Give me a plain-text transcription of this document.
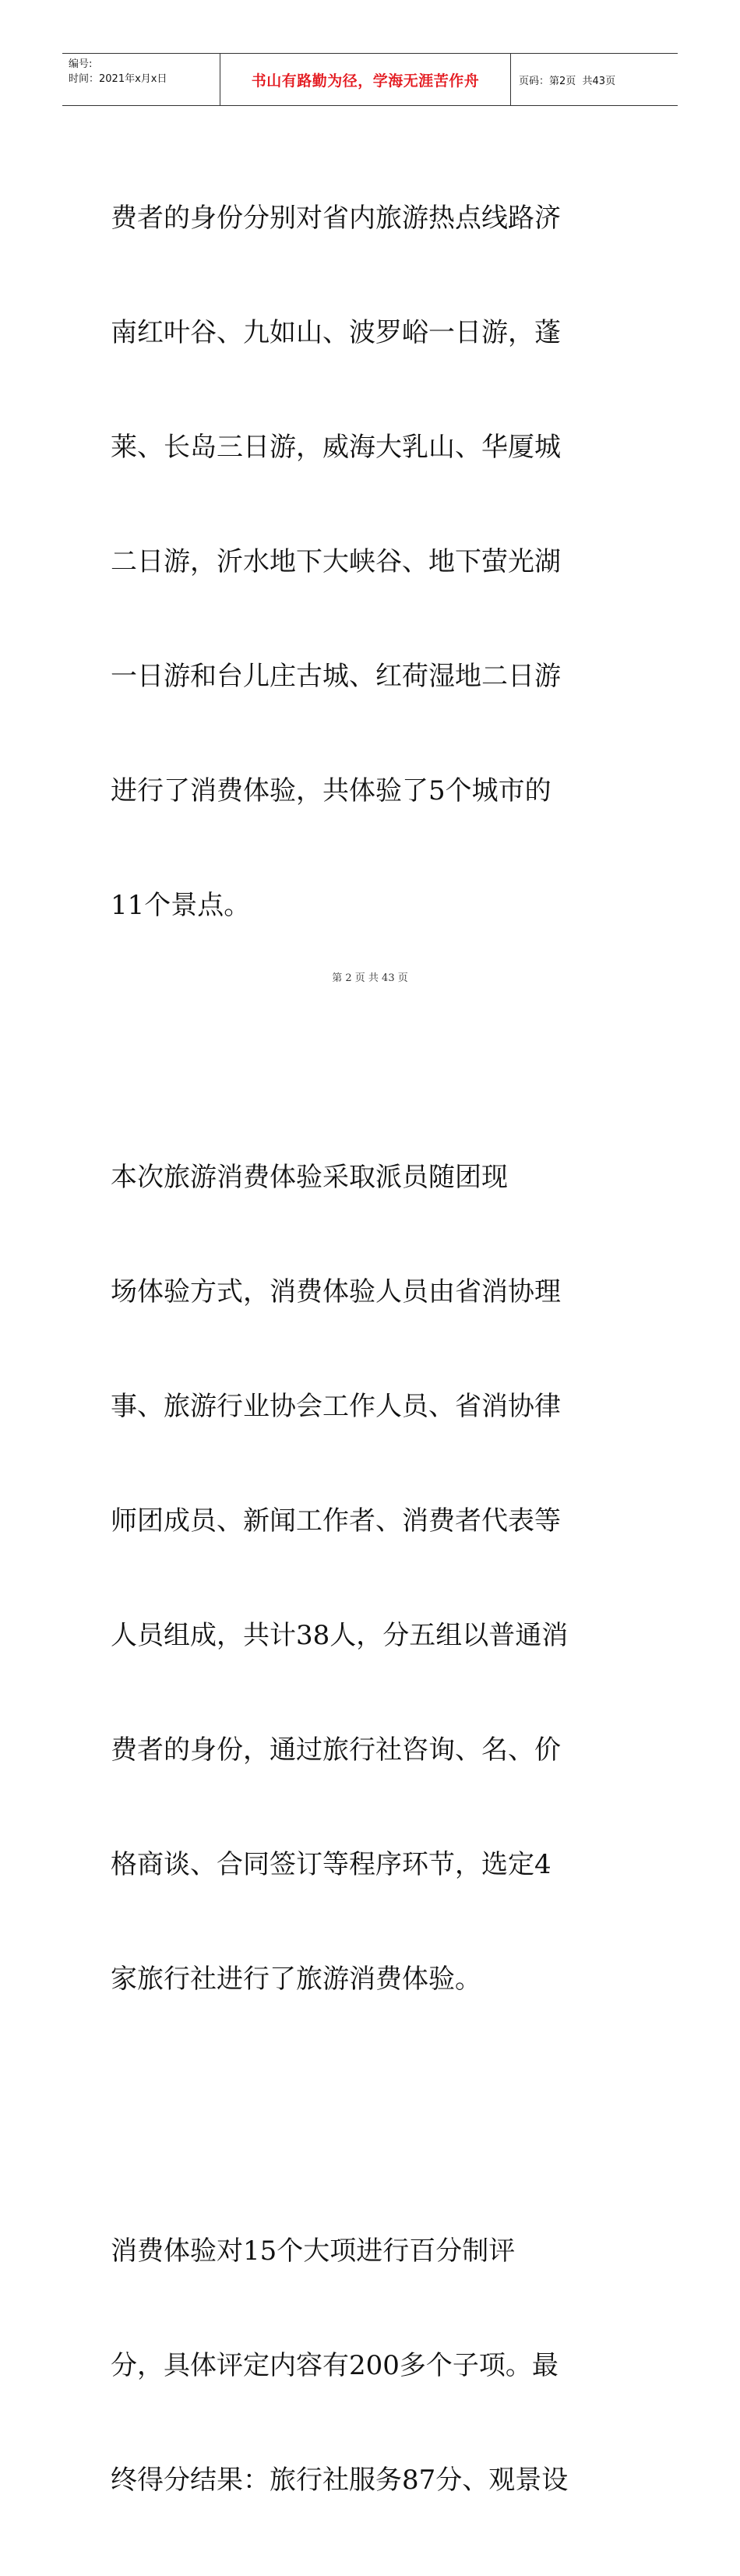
编号:
时间：2021年x月x日	书山有路勤为径，学海无涯苦作舟	页码：第2页  共43页

费者的身份分别对省内旅游热点线路济

南红叶谷、九如山、波罗峪一日游，蓬

莱、长岛三日游，威海大乳山、华厦城

二日游，沂水地下大峡谷、地下萤光湖

一日游和台儿庄古城、红荷湿地二日游

进行了消费体验，共体验了5个城市的

11个景点。

本次旅游消费体验采取派员随团现

场体验方式，消费体验人员由省消协理

事、旅游行业协会工作人员、省消协律

师团成员、新闻工作者、消费者代表等

人员组成，共计38人，分五组以普通消

费者的身份，通过旅行社咨询、名、价

格商谈、合同签订等程序环节，选定4

家旅行社进行了旅游消费体验。

消费体验对15个大项进行百分制评

分，具体评定内容有200多个子项。最

终得分结果：旅行社服务87分、观景设

第 2 页 共 43 页
